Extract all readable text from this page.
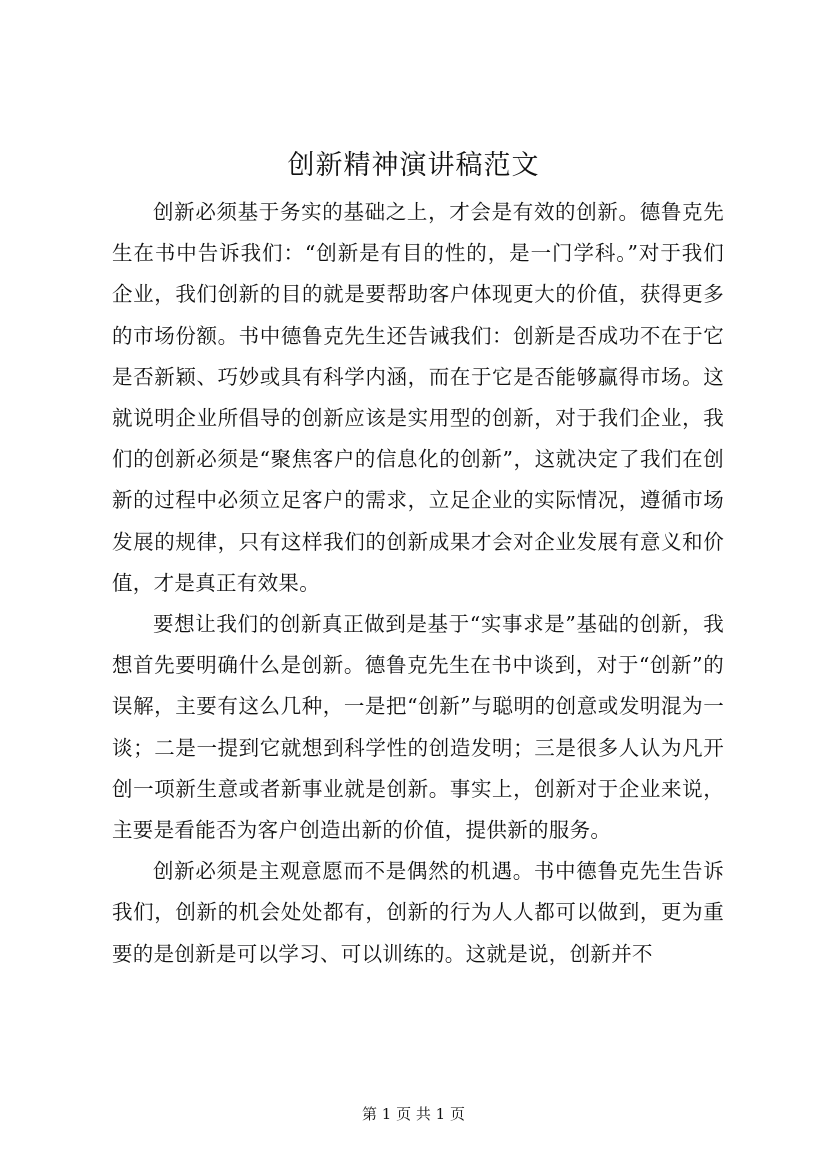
创新精神演讲稿范文

创新必须基于务实的基础之上，才会是有效的创新。德鲁克先生在书中告诉我们：“创新是有目的性的，是一门学科。”对于我们企业，我们创新的目的就是要帮助客户体现更大的价值，获得更多的市场份额。书中德鲁克先生还告诫我们：创新是否成功不在于它是否新颖、巧妙或具有科学内涵，而在于它是否能够赢得市场。这就说明企业所倡导的创新应该是实用型的创新，对于我们企业，我们的创新必须是“聚焦客户的信息化的创新”，这就决定了我们在创新的过程中必须立足客户的需求，立足企业的实际情况，遵循市场发展的规律，只有这样我们的创新成果才会对企业发展有意义和价值，才是真正有效果。

要想让我们的创新真正做到是基于“实事求是”基础的创新，我想首先要明确什么是创新。德鲁克先生在书中谈到，对于“创新”的误解，主要有这么几种，一是把“创新”与聪明的创意或发明混为一谈；二是一提到它就想到科学性的创造发明；三是很多人认为凡开创一项新生意或者新事业就是创新。事实上，创新对于企业来说，主要是看能否为客户创造出新的价值，提供新的服务。

创新必须是主观意愿而不是偶然的机遇。书中德鲁克先生告诉我们，创新的机会处处都有，创新的行为人人都可以做到，更为重要的是创新是可以学习、可以训练的。这就是说，创新并不

第 1 页 共 1 页
